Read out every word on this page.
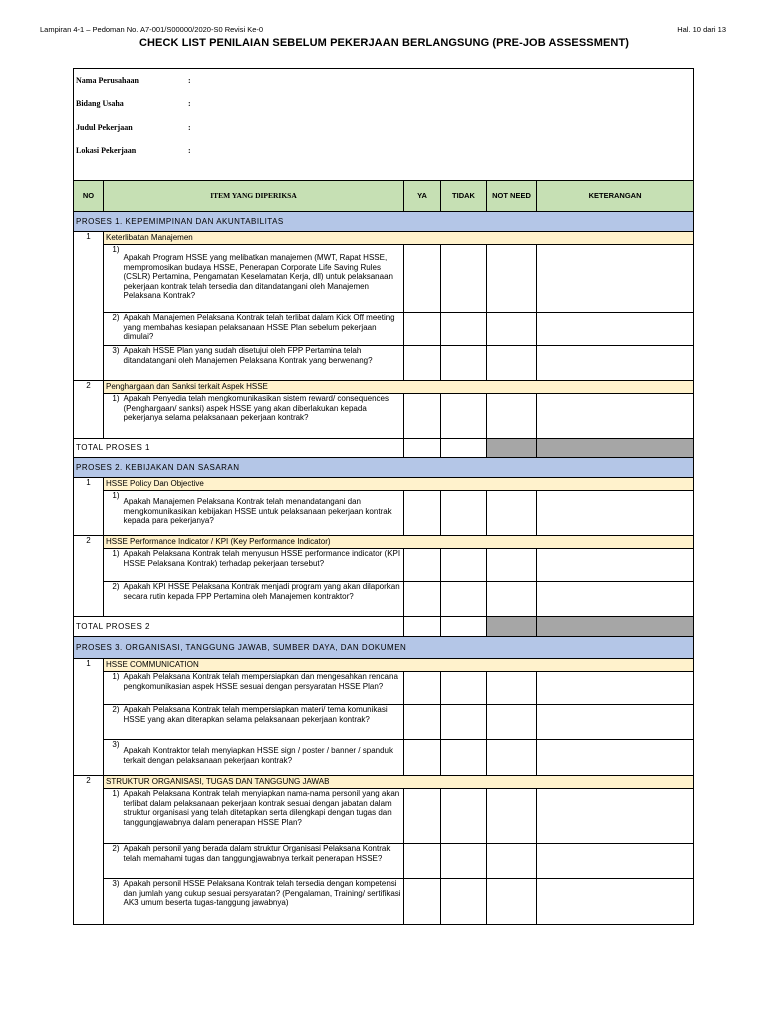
Lampiran 4-1 – Pedoman No. A7-001/S00000/2020-S0 Revisi Ke-0	Hal. 10 dari 13
CHECK LIST PENILAIAN SEBELUM PEKERJAAN BERLANGSUNG (PRE-JOB ASSESSMENT)
Nama Perusahaan :						
Bidang Usaha :						
Judul Pekerjaan :						
Lokasi Pekerjaan :						
NO	ITEM YANG DIPERIKSA		YA	TIDAK	NOT NEED	KETERANGAN
PROSES 1. KEPEMIMPINAN DAN AKUNTABILITAS						
1	Keterlibatan Manajemen					
	1)	Apakah Program HSSE yang melibatkan manajemen (MWT, Rapat HSSE, mempromosikan budaya HSSE, Penerapan Corporate Life Saving Rules (CSLR) Pertamina, Pengamatan Keselamatan Kerja, dll) untuk pelaksanaan pekerjaan kontrak telah tersedia dan ditandatangani oleh Manajemen Pelaksana Kontrak?				
	2)	Apakah Manajemen Pelaksana Kontrak telah terlibat dalam Kick Off meeting yang membahas kesiapan pelaksanaan HSSE Plan sebelum pekerjaan dimulai?				
	3)	Apakah HSSE Plan yang sudah disetujui oleh FPP Pertamina telah ditandatangani oleh Manajemen Pelaksana Kontrak yang berwenang?				
2	Penghargaan dan Sanksi terkait Aspek HSSE					
	1)	Apakah Penyedia telah mengkomunikasikan sistem reward/ consequences (Penghargaan/ sanksi) aspek HSSE yang akan diberlakukan kepada pekerjanya selama pelaksanaan pekerjaan kontrak?				
TOTAL PROSES 1						
PROSES 2. KEBIJAKAN DAN SASARAN						
1	HSSE Policy Dan Objective					
	1)	Apakah Manajemen Pelaksana Kontrak telah menandatangani dan mengkomunikasikan kebijakan HSSE untuk pelaksanaan pekerjaan kontrak kepada para pekerjanya?				
2	HSSE Performance Indicator / KPI (Key Performance Indicator)					
	1)	Apakah Pelaksana Kontrak telah menyusun HSSE performance indicator (KPI HSSE Pelaksana Kontrak) terhadap pekerjaan tersebut?				
	2)	Apakah KPI HSSE Pelaksana Kontrak menjadi program yang akan dilaporkan secara rutin kepada FPP Pertamina oleh Manajemen kontraktor?				
TOTAL PROSES 2						
PROSES 3. ORGANISASI, TANGGUNG JAWAB, SUMBER DAYA, DAN DOKUMEN						
1	HSSE COMMUNICATION					
	1)	Apakah Pelaksana Kontrak telah mempersiapkan dan mengesahkan rencana pengkomunikasian aspek HSSE sesuai dengan persyaratan HSSE Plan?				
	2)	Apakah Pelaksana Kontrak telah mempersiapkan materi/ tema komunikasi HSSE yang akan diterapkan selama pelaksanaan pekerjaan kontrak?				
	3)	Apakah Kontraktor telah menyiapkan HSSE sign / poster / banner / spanduk terkait dengan pelaksanaan pekerjaan kontrak?				
2	STRUKTUR ORGANISASI, TUGAS DAN TANGGUNG JAWAB					
	1)	Apakah Pelaksana Kontrak telah menyiapkan nama-nama personil yang akan terlibat dalam pelaksanaan pekerjaan kontrak sesuai dengan jabatan dalam struktur organisasi yang telah ditetapkan serta dilengkapi dengan tugas dan tanggungjawabnya dalam penerapan HSSE Plan?				
	2)	Apakah personil yang berada dalam struktur Organisasi Pelaksana Kontrak telah memahami tugas dan tanggungjawabnya terkait penerapan HSSE?				
	3)	Apakah personil HSSE Pelaksana Kontrak telah tersedia dengan kompetensi dan jumlah yang cukup sesuai persyaratan? (Pengalaman, Training/ sertifikasi AK3 umum beserta tugas-tanggung jawabnya)				
